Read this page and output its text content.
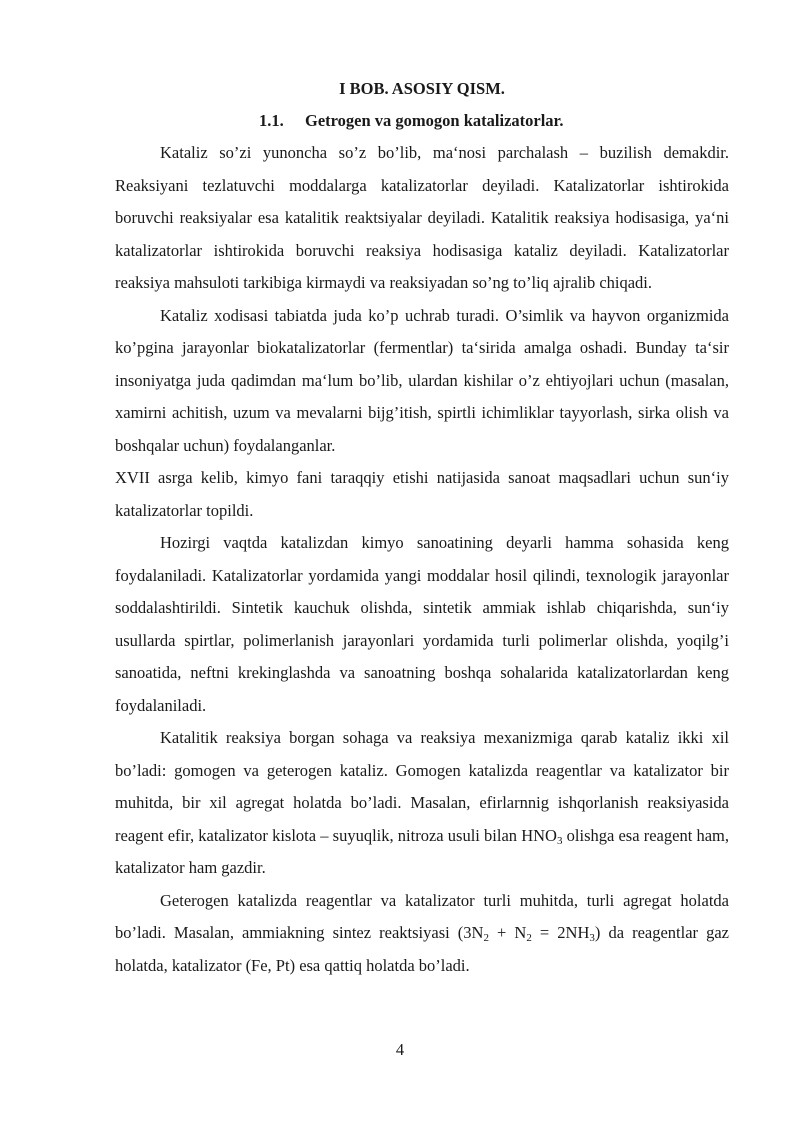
I BOB. ASOSIY QISM.
1.1. Getrogen va gomogon katalizatorlar.

Kataliz so’zi yunoncha so’z bo’lib, ma‘nosi parchalash – buzilish demakdir. Reaksiyani tezlatuvchi moddalarga katalizatorlar deyiladi. Katalizatorlar ishtirokida boruvchi reaksiyalar esa katalitik reaktsiyalar deyiladi. Katalitik reaksiya hodisasiga, ya‘ni katalizatorlar ishtirokida boruvchi reaksiya hodisasiga kataliz deyiladi. Katalizatorlar reaksiya mahsuloti tarkibiga kirmaydi va reaksiyadan so’ng to’liq ajralib chiqadi.

Kataliz xodisasi tabiatda juda ko’p uchrab turadi. O’simlik va hayvon organizmida ko’pgina jarayonlar biokatalizatorlar (fermentlar) ta‘sirida amalga oshadi. Bunday ta‘sir insoniyatga juda qadimdan ma‘lum bo’lib, ulardan kishilar o’z ehtiyojlari uchun (masalan, xamirni achitish, uzum va mevalarni bijg’itish, spirtli ichimliklar tayyorlash, sirka olish va boshqalar uchun) foydalanganlar.

XVII asrga kelib, kimyo fani taraqqiy etishi natijasida sanoat maqsadlari uchun sun‘iy katalizatorlar topildi.

Hozirgi vaqtda katalizdan kimyo sanoatining deyarli hamma sohasida keng foydalaniladi. Katalizatorlar yordamida yangi moddalar hosil qilindi, texnologik jarayonlar soddalashtirildi. Sintetik kauchuk olishda, sintetik ammiak ishlab chiqarishda, sun‘iy usullarda spirtlar, polimerlanish jarayonlari yordamida turli polimerlar olishda, yoqilg’i sanoatida, neftni krekinglashda va sanoatning boshqa sohalarida katalizatorlardan keng foydalaniladi.

Katalitik reaksiya borgan sohaga va reaksiya mexanizmiga qarab kataliz ikki xil bo’ladi: gomogen va geterogen kataliz. Gomogen katalizda reagentlar va katalizator bir muhitda, bir xil agregat holatda bo’ladi. Masalan, efirlarnnig ishqorlanish reaksiyasida reagent efir, katalizator kislota – suyuqlik, nitroza usuli bilan $HNO_3$ olishga esa reagent ham, katalizator ham gazdir.

Geterogen katalizda reagentlar va katalizator turli muhitda, turli agregat holatda bo’ladi. Masalan, ammiakning sintez reaktsiyasi $(3N_2 + N_2 = 2NH_3)$ da reagentlar gaz holatda, katalizator (Fe, Pt) esa qattiq holatda bo’ladi.

4
